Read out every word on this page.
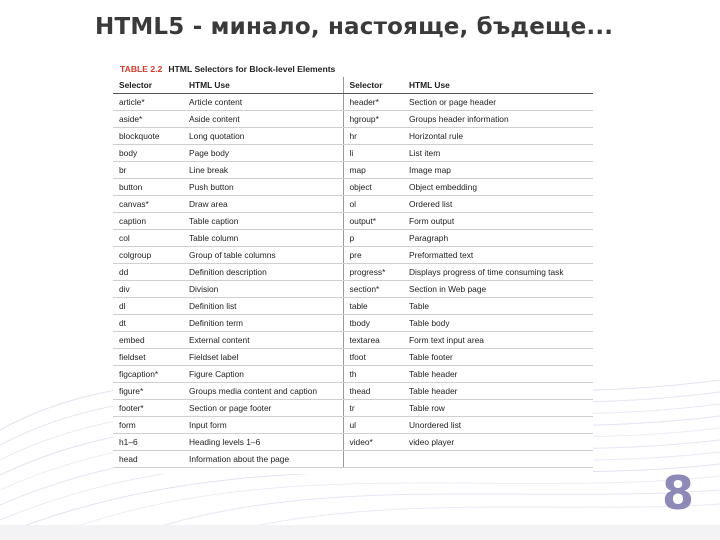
HTML5 - минало, настояще, бъдеще...
TABLE 2.2 HTML Selectors for Block-level Elements
Selector	HTML Use	Selector	HTML Use
article*	Article content	header*	Section or page header
aside*	Aside content	hgroup*	Groups header information
blockquote	Long quotation	hr	Horizontal rule
body	Page body	li	List item
br	Line break	map	Image map
button	Push button	object	Object embedding
canvas*	Draw area	ol	Ordered list
caption	Table caption	output*	Form output
col	Table column	p	Paragraph
colgroup	Group of table columns	pre	Preformatted text
dd	Definition description	progress*	Displays progress of time consuming task
div	Division	section*	Section in Web page
dl	Definition list	table	Table
dt	Definition term	tbody	Table body
embed	External content	textarea	Form text input area
fieldset	Fieldset label	tfoot	Table footer
figcaption*	Figure Caption	th	Table header
figure*	Groups media content and caption	thead	Table header
footer*	Section or page footer	tr	Table row
form	Input form	ul	Unordered list
h1–6	Heading levels 1–6	video*	video player
head	Information about the page		
8
